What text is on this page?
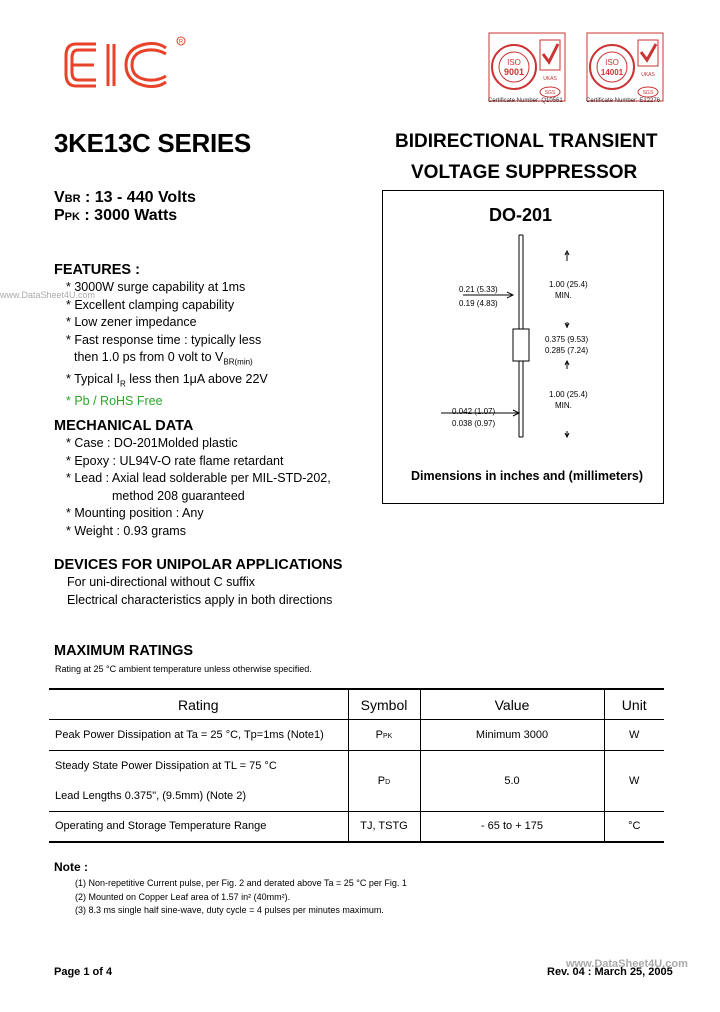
R
ISO
9001
UKAS
SGS
Certificate Number: Q10561
ISO
14001	UKAS
SGS
Certificate Number: E12276
3KE13C SERIES	BIDIRECTIONAL TRANSIENT
VOLTAGE SUPPRESSOR
VBR : 13 - 440 Volts
PPK : 3000 Watts
FEATURES :
* 3000W surge capability at 1ms
* Excellent clamping capability
* Low zener impedance
* Fast response time : typically less
then 1.0 ps from 0 volt to $V_{BR(min)}$
* Typical $I_R$ less then 1μA above 22V
* Pb / RoHS Free
MECHANICAL DATA
* Case : DO-201Molded plastic
* Epoxy : UL94V-O rate flame retardant
* Lead : Axial lead solderable per MIL-STD-202,
method 208 guaranteed
* Mounting position : Any
* Weight : 0.93 grams
DEVICES FOR UNIPOLAR APPLICATIONS
For uni-directional without C suffix
Electrical characteristics apply in both directions
DO-201
0.21 (5.33)
0.19 (4.83)
1.00 (25.4)
MIN.
0.375 (9.53)
0.285 (7.24)
1.00 (25.4)
MIN.
0.042 (1.07)
0.038 (0.97)
Dimensions in inches and (millimeters)
MAXIMUM RATINGS
Rating at 25 °C ambient temperature unless otherwise specified.
Rating	Symbol	Value	Unit
Peak Power Dissipation at Ta = 25 °C, Tp=1ms (Note1)	PPK	Minimum 3000	W

Steady State Power Dissipation at TL = 75 °C
Lead Lengths 0.375", (9.5mm) (Note 2)	PD	5.0	W
Operating and Storage Temperature Range	TJ, TSTG	- 65 to + 175	°C
Note :
(1) Non-repetitive Current pulse, per Fig. 2 and derated above Ta = 25 °C per Fig. 1
(2) Mounted on Copper Leaf area of 1.57 in² (40mm²).
(3) 8.3 ms single half sine-wave, duty cycle = 4 pulses per minutes maximum.
Page 1 of 4	Rev. 04 : March 25, 2005
www.DataSheet4U.com
www.DataSheet4U.com
